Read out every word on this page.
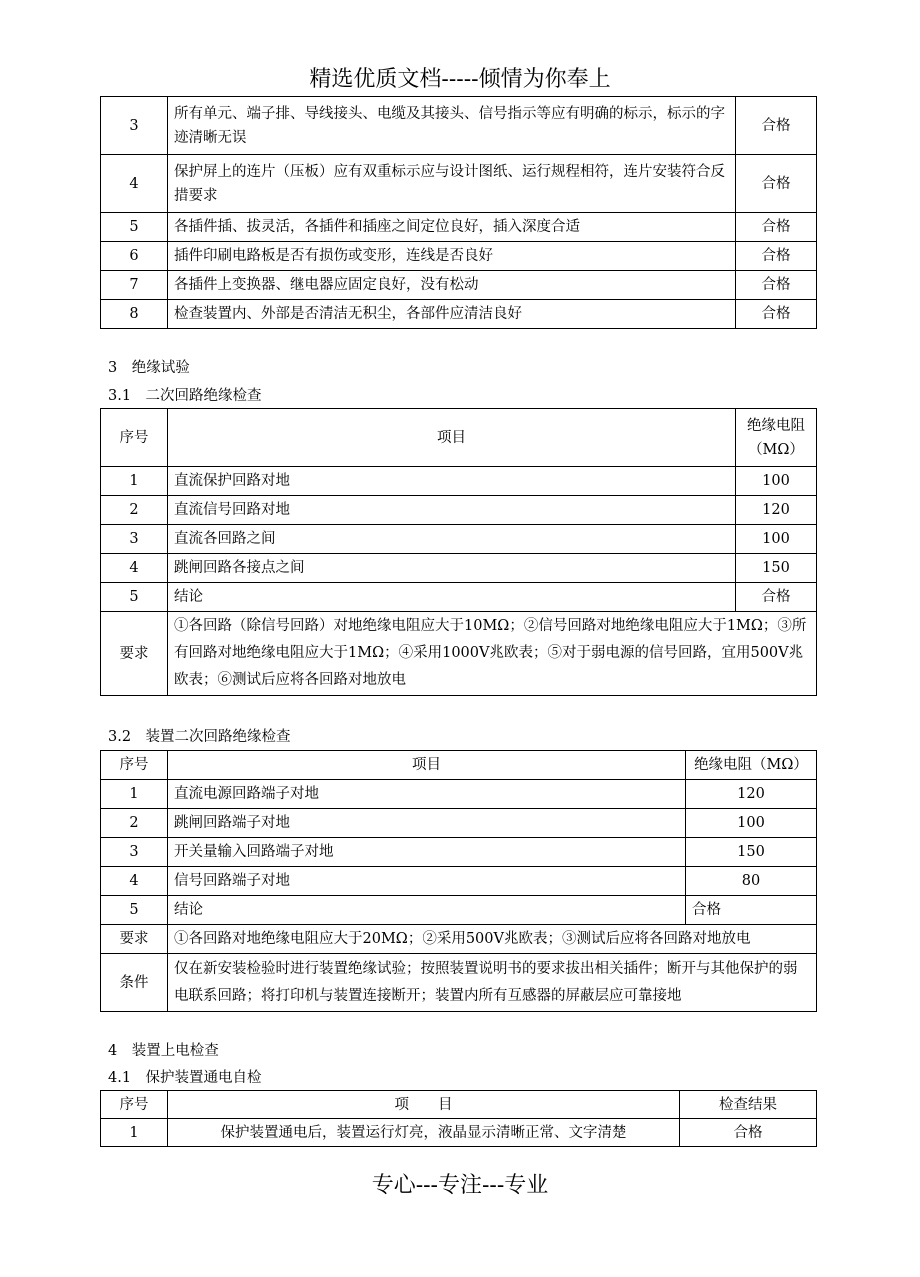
精选优质文档-----倾情为你奉上
3	所有单元、端子排、导线接头、电缆及其接头、信号指示等应有明确的标示，标示的字迹清晰无误	合格
4	保护屏上的连片（压板）应有双重标示应与设计图纸、运行规程相符，连片安装符合反措要求	合格
5	各插件插、拔灵活，各插件和插座之间定位良好，插入深度合适	合格
6	插件印刷电路板是否有损伤或变形，连线是否良好	合格
7	各插件上变换器、继电器应固定良好，没有松动	合格
8	检查装置内、外部是否清洁无积尘，各部件应清洁良好	合格
3　绝缘试验
3.1　二次回路绝缘检查
序号	项目	绝缘电阻（MΩ）
1	直流保护回路对地	100
2	直流信号回路对地	120
3	直流各回路之间	100
4	跳闸回路各接点之间	150
5	结论	合格
要求	①各回路（除信号回路）对地绝缘电阻应大于10MΩ；②信号回路对地绝缘电阻应大于1MΩ；③所有回路对地绝缘电阻应大于1MΩ；④采用1000V兆欧表；⑤对于弱电源的信号回路，宜用500V兆欧表；⑥测试后应将各回路对地放电	
3.2　装置二次回路绝缘检查
序号	项目	绝缘电阻（MΩ）
1	直流电源回路端子对地	120
2	跳闸回路端子对地	100
3	开关量输入回路端子对地	150
4	信号回路端子对地	80
5	结论	合格
要求	①各回路对地绝缘电阻应大于20MΩ；②采用500V兆欧表；③测试后应将各回路对地放电	
条件	仅在新安装检验时进行装置绝缘试验；按照装置说明书的要求拔出相关插件；断开与其他保护的弱电联系回路；将打印机与装置连接断开；装置内所有互感器的屏蔽层应可靠接地	
4　装置上电检查
4.1　保护装置通电自检
序号	项　　目	检查结果
1	保护装置通电后，装置运行灯亮，液晶显示清晰正常、文字清楚	合格
专心---专注---专业
